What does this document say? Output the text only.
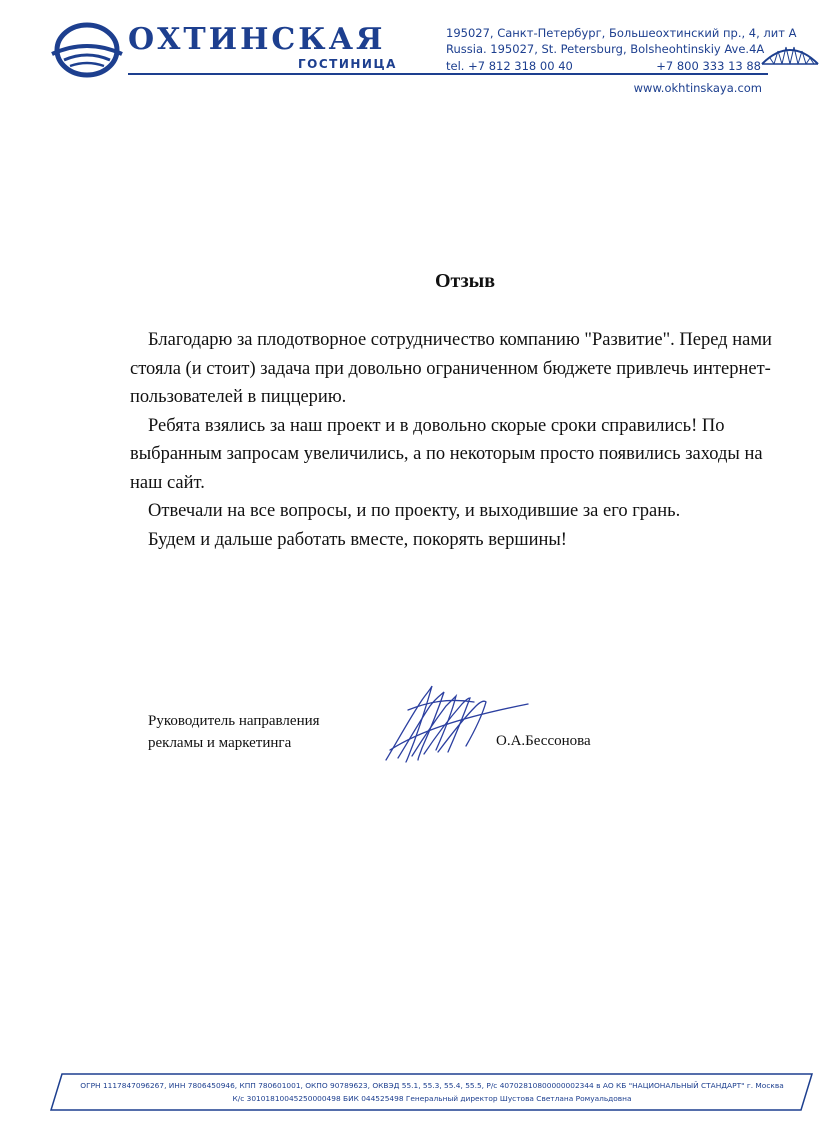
ОХТИНСКАЯ
ГОСТИНИЦА
195027, Санкт-Петербург, Большеохтинский пр., 4, лит А
Russia. 195027, St. Petersburg, Bolsheohtinskiy Ave.4A
tel. +7 812 318 00 40	+7 800 333 13 88
www.okhtinskaya.com
Отзыв

Благодарю за плодотворное сотрудничество компанию "Развитие". Перед нами стояла (и стоит) задача при довольно ограниченном бюджете привлечь интернет-пользователей в пиццерию.

Ребята взялись за наш проект и в довольно скорые сроки справились! По выбранным запросам увеличились, а по некоторым просто появились заходы на наш сайт.

Отвечали на все вопросы, и по проекту, и выходившие за его грань.

Будем и дальше работать вместе, покорять вершины!

Руководитель направления
рекламы и маркетинга	О.А.Бессонова
ОГРН 1117847096267, ИНН 7806450946, КПП 780601001, ОКПО 90789623, ОКВЭД 55.1, 55.3, 55.4, 55.5, Р/с 40702810800000002344 в АО КБ "НАЦИОНАЛЬНЫЙ СТАНДАРТ" г. Москва
К/с 30101810045250000498 БИК 044525498 Генеральный директор Шустова Светлана Ромуальдовна
